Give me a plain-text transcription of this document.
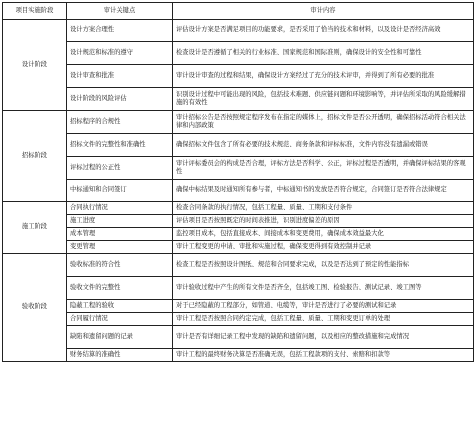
项目实施阶段	审计关键点	审计内容
设计阶段	设计方案合理性	评估设计方案是否满足项目的功能要求，是否采用了恰当的技术和材料，以及设计是否经济高效
	设计规范和标准的遵守	检查设计是否遵循了相关的行业标准、国家规范和国际准则，确保设计的安全性和可靠性
	设计审查和批准	审计设计审查的过程和结果，确保设计方案经过了充分的技术评审，并得到了所有必要的批准
	设计阶段的风险评估	识别设计过程中可能出现的风险，包括技术难题、供应链问题和环境影响等，并评估所采取的风险缓解措施的有效性
招标阶段	招标程序的合规性	审计招标公告是否按照规定程序发布在指定的媒体上，招标文件是否公开透明，确保招标活动符合相关法律和内部政策
	招标文件的完整性和准确性	确保招标文件包含了所有必要的技术规范、商务条款和评标标准，文件内容没有遗漏或错误
	评标过程的公正性	审计评标委员会的构成是否合理，评标方法是否科学、公正，评标过程是否透明，并确保评标结果的客观性
	中标通知和合同签订	确保中标结果及时通知所有参与者，中标通知书的发放是否符合规定，合同签订是否符合法律规定
施工阶段	合同执行情况	检查合同条款的执行情况，包括工程量、质量、工期和支付条件
	施工进度	评估项目是否按照既定的时间表推进，识别进度偏差的原因
	成本管理	监控项目成本，包括直接成本、间接成本和变更费用，确保成本效益最大化
	变更管理	审计工程变更的申请、审批和实施过程，确保变更得到有效控制并记录
验收阶段	验收标准的符合性	检查工程是否按照设计图纸、规范和合同要求完成，以及是否达到了预定的性能指标
	验收文件的完整性	审计验收过程中产生的所有文件是否齐全，包括竣工图、检验报告、测试记录、竣工图等
	隐蔽工程的验收	对于已经隐蔽的工程部分，如管道、电缆等，审计是否进行了必要的测试和记录
	合同履行情况	审计工程是否按照合同约定完成，包括工程量、质量、工期和变更订单的处理
	缺陷和遗留问题的记录	审计是否有详细记录工程中发现的缺陷和遗留问题，以及相应的整改措施和完成情况
	财务结算的准确性	审计工程的最终财务决算是否准确无误，包括工程款项的支付、索赔和扣款等
